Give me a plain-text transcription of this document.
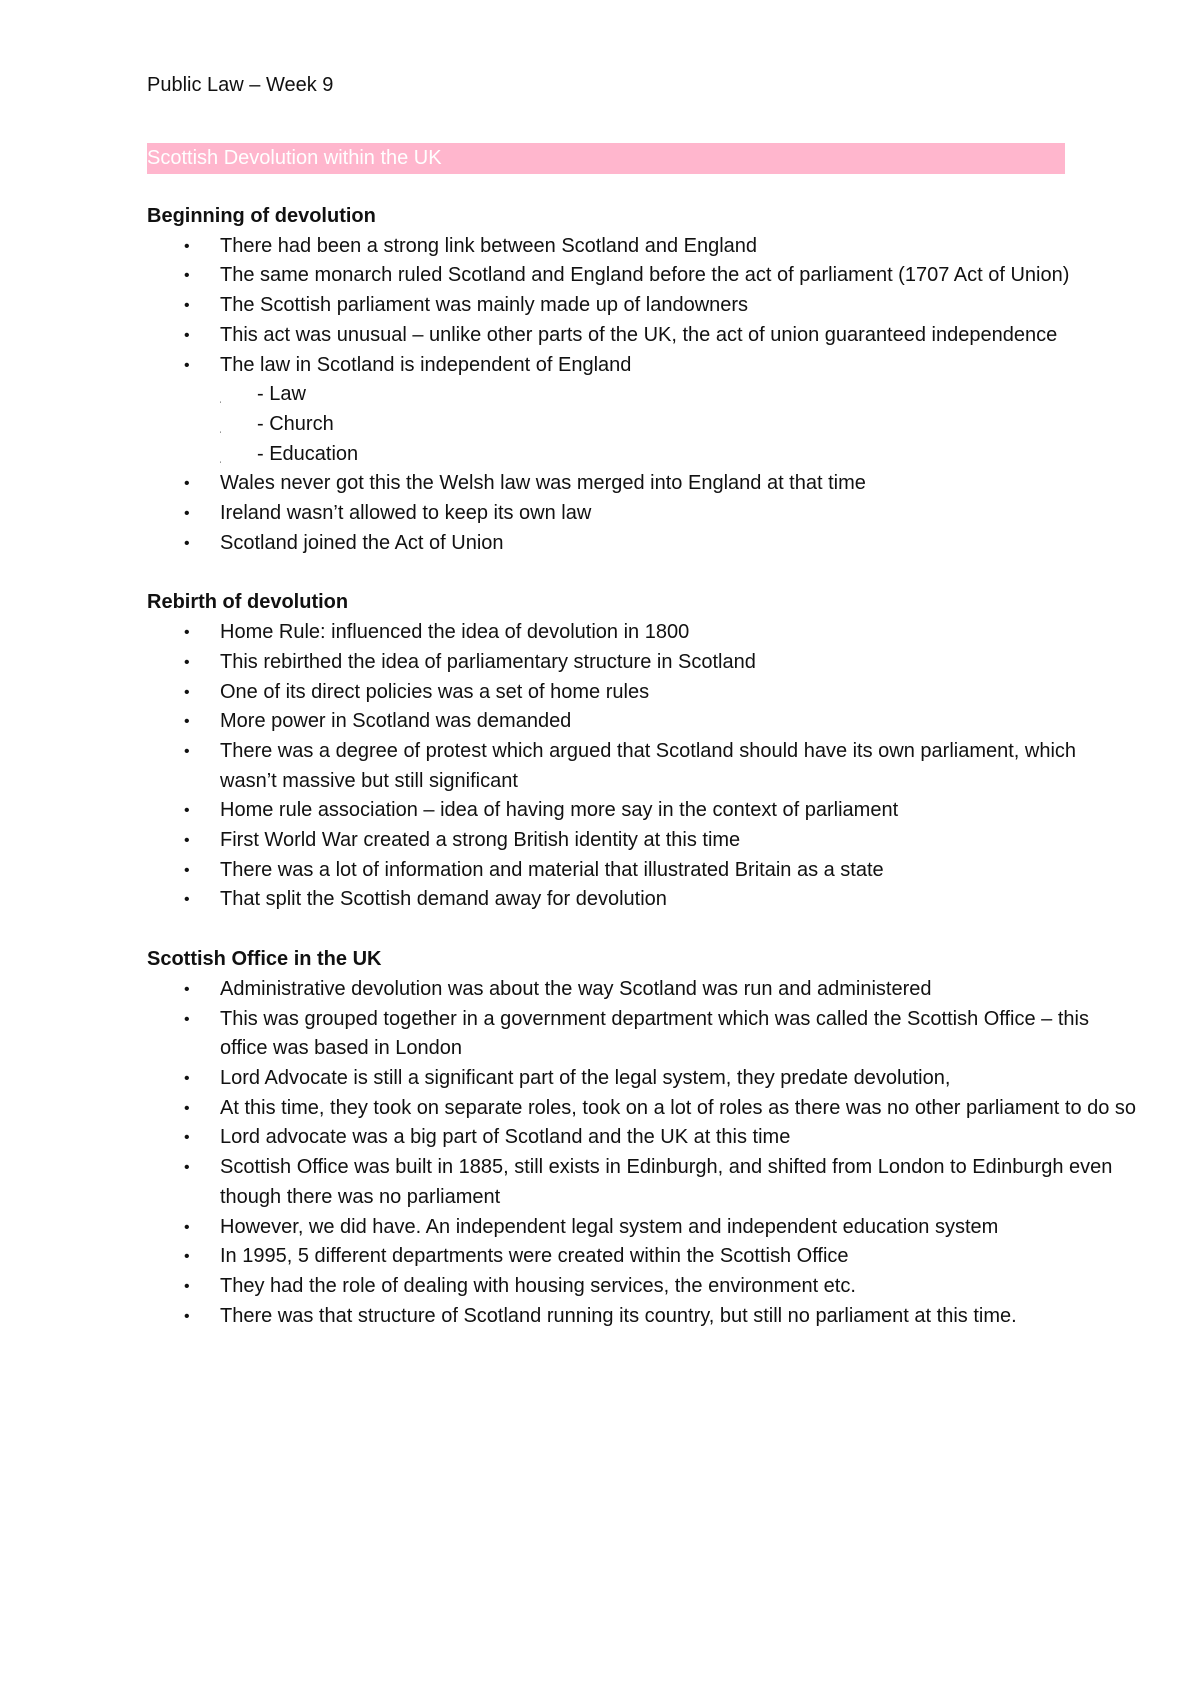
Public Law – Week 9

Scottish Devolution within the UK

Beginning of devolution

• There had been a strong link between Scotland and England
• The same monarch ruled Scotland and England before the act of parliament (1707 Act of Union)
• The Scottish parliament was mainly made up of landowners
• This act was unusual – unlike other parts of the UK, the act of union guaranteed independence
• The law in Scotland is independent of England
ˌ - Law
ˌ - Church
ˌ - Education
• Wales never got this the Welsh law was merged into England at that time
• Ireland wasn’t allowed to keep its own law
• Scotland joined the Act of Union

Rebirth of devolution

• Home Rule: influenced the idea of devolution in 1800
• This rebirthed the idea of parliamentary structure in Scotland
• One of its direct policies was a set of home rules
• More power in Scotland was demanded
• There was a degree of protest which argued that Scotland should have its own parliament, which wasn’t massive but still significant
• Home rule association – idea of having more say in the context of parliament
• First World War created a strong British identity at this time
• There was a lot of information and material that illustrated Britain as a state
• That split the Scottish demand away for devolution

Scottish Office in the UK

• Administrative devolution was about the way Scotland was run and administered
• This was grouped together in a government department which was called the Scottish Office – this office was based in London
• Lord Advocate is still a significant part of the legal system, they predate devolution,
• At this time, they took on separate roles, took on a lot of roles as there was no other parliament to do so
• Lord advocate was a big part of Scotland and the UK at this time
• Scottish Office was built in 1885, still exists in Edinburgh, and shifted from London to Edinburgh even though there was no parliament
• However, we did have. An independent legal system and independent education system
• In 1995, 5 different departments were created within the Scottish Office
• They had the role of dealing with housing services, the environment etc.
• There was that structure of Scotland running its country, but still no parliament at this time.
